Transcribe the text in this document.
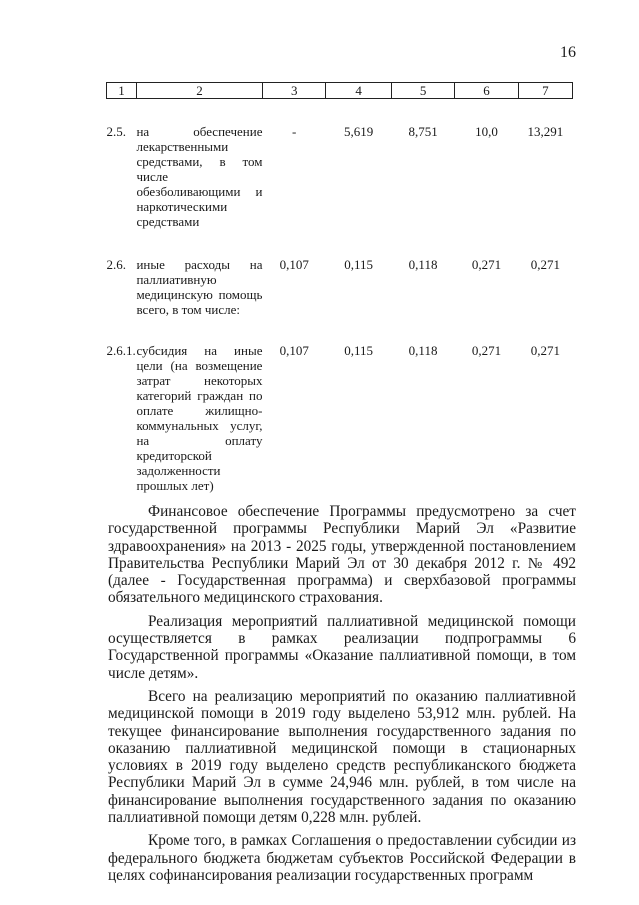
16
1	2	3	4	5	6	7
2.5.	на обеспечение лекарственными средствами, в том числе обезболивающими и наркотическими средствами	-	5,619	8,751	10,0	13,291
2.6.	иные расходы на паллиативную медицинскую помощь всего, в том числе:	0,107	0,115	0,118	0,271	0,271
2.6.1.	субсидия на иные цели (на возмещение затрат некоторых категорий граждан по оплате жилищно-коммунальных услуг, на оплату кредиторской задолженности прошлых лет)	0,107	0,115	0,118	0,271	0,271

Финансовое обеспечение Программы предусмотрено за счет государственной программы Республики Марий Эл «Развитие здравоохранения» на 2013 - 2025 годы, утвержденной постановлением Правительства Республики Марий Эл от 30 декабря 2012 г. № 492 (далее - Государственная программа) и сверхбазовой программы обязательного медицинского страхования.

Реализация мероприятий паллиативной медицинской помощи осуществляется в рамках реализации подпрограммы 6 Государственной программы «Оказание паллиативной помощи, в том числе детям».

Всего на реализацию мероприятий по оказанию паллиативной медицинской помощи в 2019 году выделено 53,912 млн. рублей. На текущее финансирование выполнения государственного задания по оказанию паллиативной медицинской помощи в стационарных условиях в 2019 году выделено средств республиканского бюджета Республики Марий Эл в сумме 24,946 млн. рублей, в том числе на финансирование выполнения государственного задания по оказанию паллиативной помощи детям 0,228 млн. рублей.

Кроме того, в рамках Соглашения о предоставлении субсидии из федерального бюджета бюджетам субъектов Российской Федерации в целях софинансирования реализации государственных программ
